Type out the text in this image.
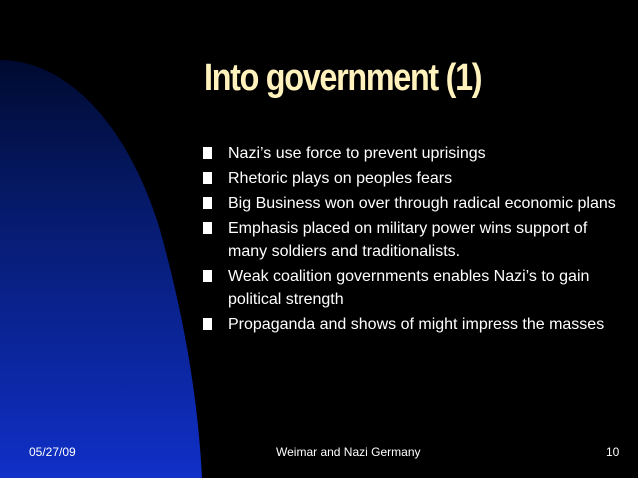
Into government (1)
Nazi’s use force to prevent uprisings
Rhetoric plays on peoples fears
Big Business won over through radical economic plans
Emphasis placed on military power wins support of many soldiers and traditionalists.
Weak coalition governments enables Nazi’s to gain political strength
Propaganda and shows of might impress the masses
05/27/09	Weimar and Nazi Germany	10
